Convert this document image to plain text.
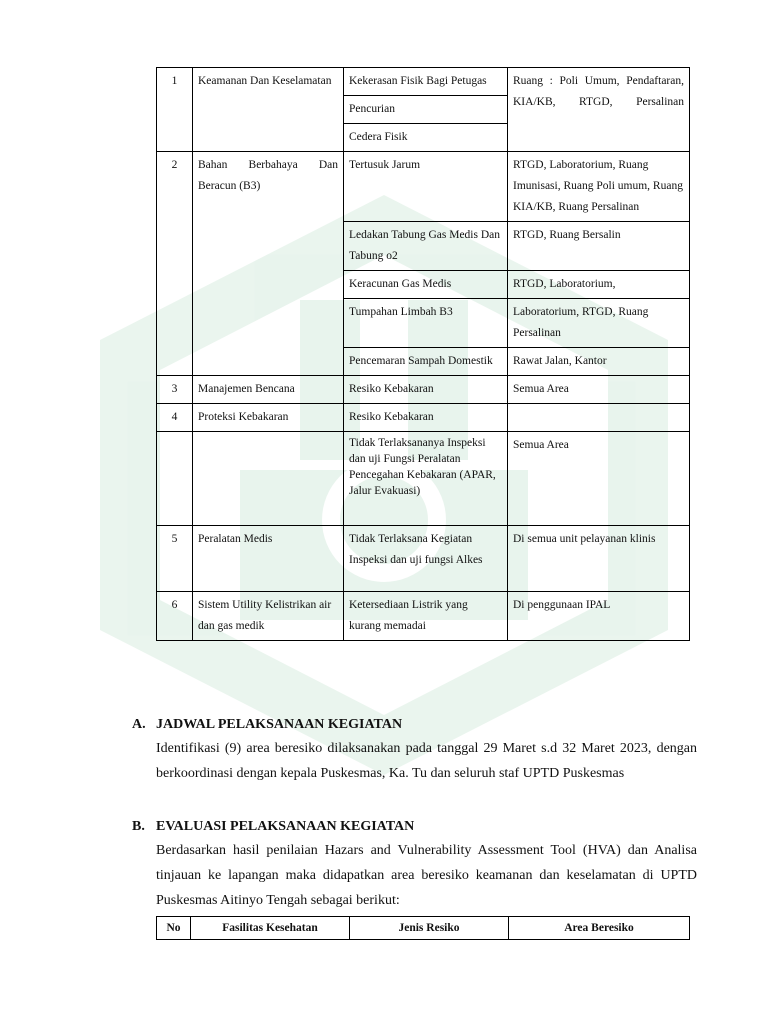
1	Keamanan Dan Keselamatan	Kekerasan Fisik Bagi Petugas	Ruang : Poli Umum, Pendaftaran, KIA/KB, RTGD, Persalinan
		Pencurian	
		Cedera Fisik	
2	Bahan Berbahaya Dan Beracun (B3)	Tertusuk Jarum	RTGD, Laboratorium, Ruang Imunisasi, Ruang Poli umum, Ruang KIA/KB, Ruang Persalinan
		Ledakan Tabung Gas Medis Dan Tabung o2	RTGD, Ruang Bersalin
		Keracunan Gas Medis	RTGD, Laboratorium,
		Tumpahan Limbah B3	Laboratorium, RTGD, Ruang Persalinan
		Pencemaran Sampah Domestik	Rawat Jalan, Kantor
3	Manajemen Bencana	Resiko Kebakaran	Semua Area
4	Proteksi Kebakaran	Resiko Kebakaran	
		Tidak Terlaksananya Inspeksi dan uji Fungsi Peralatan Pencegahan Kebakaran (APAR, Jalur Evakuasi)	Semua Area
5	Peralatan Medis	Tidak Terlaksana Kegiatan Inspeksi dan uji fungsi Alkes	Di semua unit pelayanan klinis
6	Sistem Utility Kelistrikan air dan gas medik	Ketersediaan Listrik yang kurang memadai	Di penggunaan IPAL
A. JADWAL PELAKSANAAN KEGIATAN

Identifikasi (9) area beresiko dilaksanakan pada tanggal 29 Maret s.d 32 Maret 2023, dengan berkoordinasi dengan kepala Puskesmas, Ka. Tu dan seluruh staf UPTD Puskesmas

B. EVALUASI PELAKSANAAN KEGIATAN

Berdasarkan hasil penilaian Hazars and Vulnerability Assessment Tool (HVA) dan Analisa tinjauan ke lapangan maka didapatkan area beresiko keamanan dan keselamatan di UPTD Puskesmas Aitinyo Tengah sebagai berikut:

No	Fasilitas Kesehatan	Jenis Resiko	Area Beresiko
